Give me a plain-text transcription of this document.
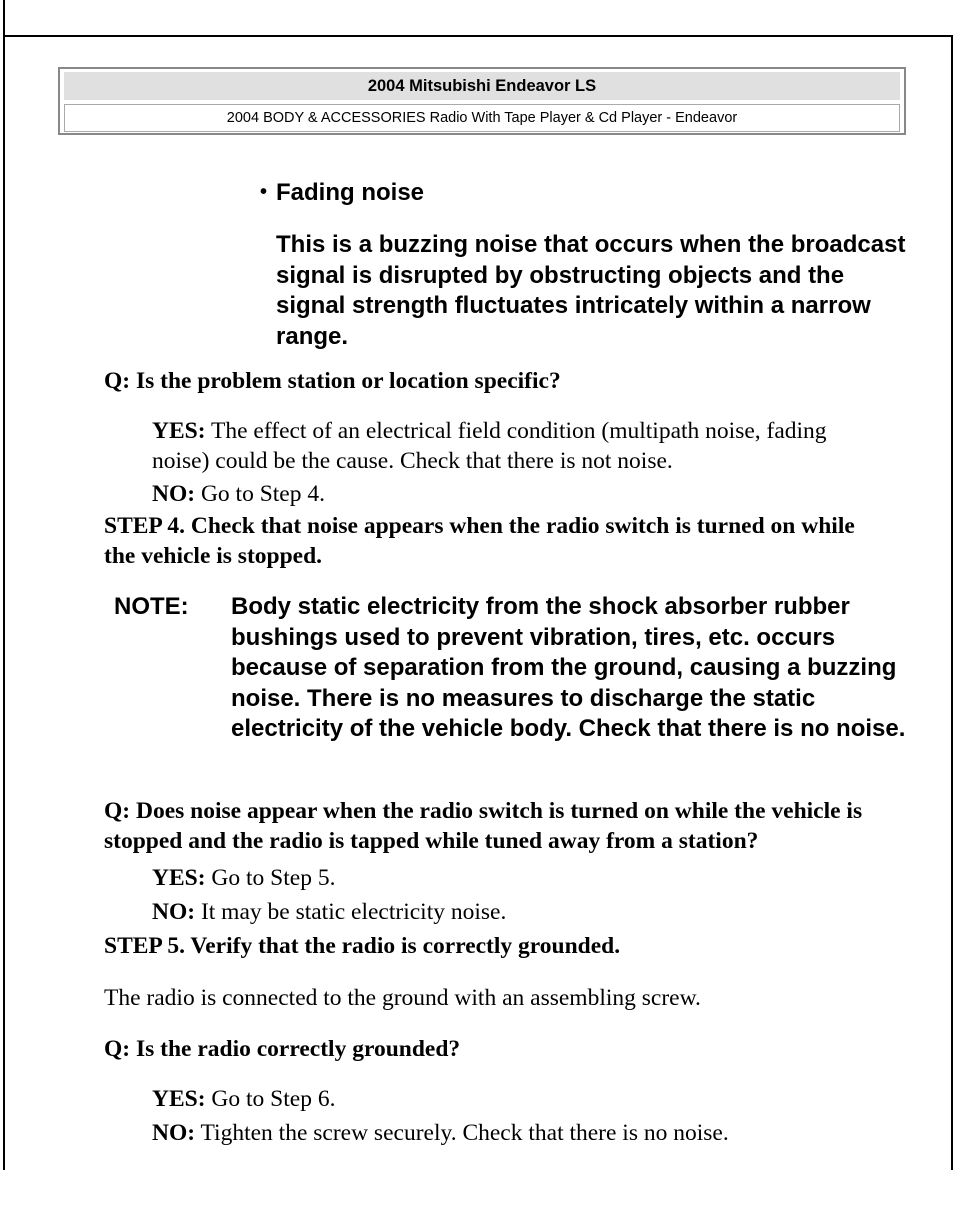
2004 Mitsubishi Endeavor LS
2004 BODY & ACCESSORIES Radio With Tape Player & Cd Player - Endeavor
• Fading noise
This is a buzzing noise that occurs when the broadcast signal is disrupted by obstructing objects and the signal strength fluctuates intricately within a narrow range.
Q: Is the problem station or location specific?
YES: The effect of an electrical field condition (multipath noise, fading noise) could be the cause. Check that there is not noise.
NO: Go to Step 4.
STEP 4. Check that noise appears when the radio switch is turned on while the vehicle is stopped.
NOTE: Body static electricity from the shock absorber rubber bushings used to prevent vibration, tires, etc. occurs because of separation from the ground, causing a buzzing noise. There is no measures to discharge the static electricity of the vehicle body. Check that there is no noise.
Q: Does noise appear when the radio switch is turned on while the vehicle is stopped and the radio is tapped while tuned away from a station?
YES: Go to Step 5.
NO: It may be static electricity noise.
STEP 5. Verify that the radio is correctly grounded.
The radio is connected to the ground with an assembling screw.
Q: Is the radio correctly grounded?
YES: Go to Step 6.
NO: Tighten the screw securely. Check that there is no noise.
